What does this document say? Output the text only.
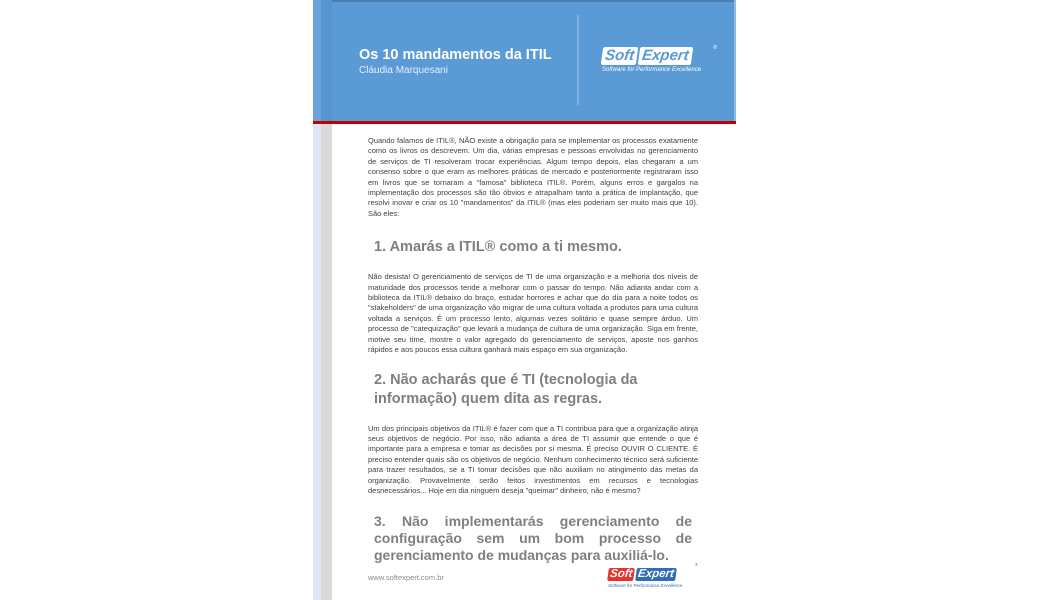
Os 10 mandamentos da ITIL
Cláudia Marquesani
Soft Expert	®
Software for Performance Excellence

Quando falamos de ITIL®, NÃO existe a obrigação para se implementar os processos exatamente como os livros os descrevem. Um dia, várias empresas e pessoas envolvidas no gerenciamento de serviços de TI resolveram trocar experiências. Algum tempo depois, elas chegaram a um consenso sobre o que eram as melhores práticas de mercado e posteriormente registraram isso em livros que se tornaram a "famosa" biblioteca ITIL®. Porém, alguns erros e gargalos na implementação dos processos são tão óbvios e atrapalham tanto a prática de implantação, que resolvi inovar e criar os 10 "mandamentos" da ITIL® (mas eles poderiam ser muito mais que 10). São eles:

1. Amarás a ITIL® como a ti mesmo.

Não desista! O gerenciamento de serviços de TI de uma organização e a melhoria dos níveis de maturidade dos processos tende a melhorar com o passar do tempo. Não adianta andar com a biblioteca da ITIL® debaixo do braço, estudar horrores e achar que do dia para a noite todos os "stakeholders" de uma organização vão migrar de uma cultura voltada a produtos para uma cultura voltada a serviços. É um processo lento, algumas vezes solitário e quase sempre árduo. Um processo de "catequização" que levará a mudança de cultura de uma organização. Siga em frente, motive seu time, mostre o valor agregado do gerenciamento de serviços, aposte nos ganhos rápidos e aos poucos essa cultura ganhará mais espaço em sua organização.

2. Não acharás que é TI (tecnologia da informação) quem dita as regras.

Um dos principais objetivos da ITIL® é fazer com que a TI contribua para que a organização atinja seus objetivos de negócio. Por isso, não adianta a área de TI assumir que entende o que é importante para a empresa e tomar as decisões por si mesma. É preciso OUVIR O CLIENTE. É preciso entender quais são os objetivos de negócio. Nenhum conhecimento técnico será suficiente para trazer resultados, se a TI tomar decisões que não auxiliam no atingimento das metas da organização. Provavelmente serão feitos investimentos em recursos e tecnologias desnecessários... Hoje em dia ninguém deseja "queimar" dinheiro, não é mesmo?

3. Não implementarás gerenciamento de configuração sem um bom processo de gerenciamento de mudanças para auxiliá-lo.
www.softexpert.com.br	Soft Expert
®
Software for Performance Excellence
